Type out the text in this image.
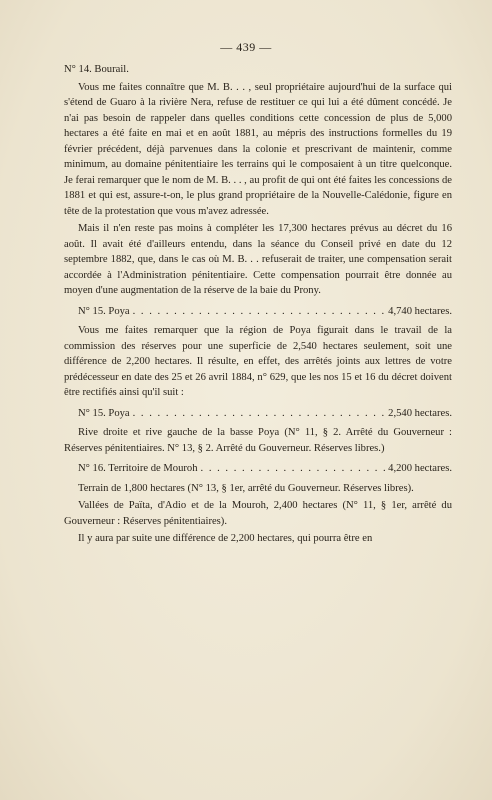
— 439 —

N° 14. Bourail.

Vous me faites connaître que M. B. . . , seul propriétaire aujourd'hui de la surface qui s'étend de Guaro à la rivière Nera, refuse de restituer ce qui lui a été dûment concédé. Je n'ai pas besoin de rappeler dans quelles conditions cette concession de plus de 5,000 hectares a été faite en mai et en août 1881, au mépris des instructions formelles du 19 février précédent, déjà parvenues dans la colonie et prescrivant de maintenir, comme minimum, au domaine pénitentiaire les terrains qui le composaient à un titre quelconque. Je ferai remarquer que le nom de M. B. . . , au profit de qui ont été faites les concessions de 1881 et qui est, assure-t-on, le plus grand propriétaire de la Nouvelle-Calédonie, figure en tête de la protestation que vous m'avez adressée.

Mais il n'en reste pas moins à compléter les 17,300 hectares prévus au décret du 16 août. Il avait été d'ailleurs entendu, dans la séance du Conseil privé en date du 12 septembre 1882, que, dans le cas où M. B. . . refuserait de traiter, une compensation serait accordée à l'Administration pénitentiaire. Cette compensation pourrait être donnée au moyen d'une augmentation de la réserve de la baie du Prony.

N° 15. Poya . . .	4,740 hectares.

Vous me faites remarquer que la région de Poya figurait dans le travail de la commission des réserves pour une superficie de 2,540 hectares seulement, soit une différence de 2,200 hectares. Il résulte, en effet, des arrêtés joints aux lettres de votre prédécesseur en date des 25 et 26 avril 1884, n° 629, que les nos 15 et 16 du décret doivent être rectifiés ainsi qu'il suit :

N° 15. Poya . . .	2,540 hectares.

Rive droite et rive gauche de la basse Poya (N° 11, § 2. Arrêté du Gouverneur : Réserves pénitentiaires. N° 13, § 2. Arrêté du Gouverneur. Réserves libres.)

N° 16. Territoire de Mouroh . . .	4,200 hectares.

Terrain de 1,800 hectares (N° 13, § 1er, arrêté du Gouverneur. Réserves libres).

Vallées de Païta, d'Adio et de la Mouroh, 2,400 hectares (N° 11, § 1er, arrêté du Gouverneur : Réserves pénitentiaires).

Il y aura par suite une différence de 2,200 hectares, qui pourra être en
